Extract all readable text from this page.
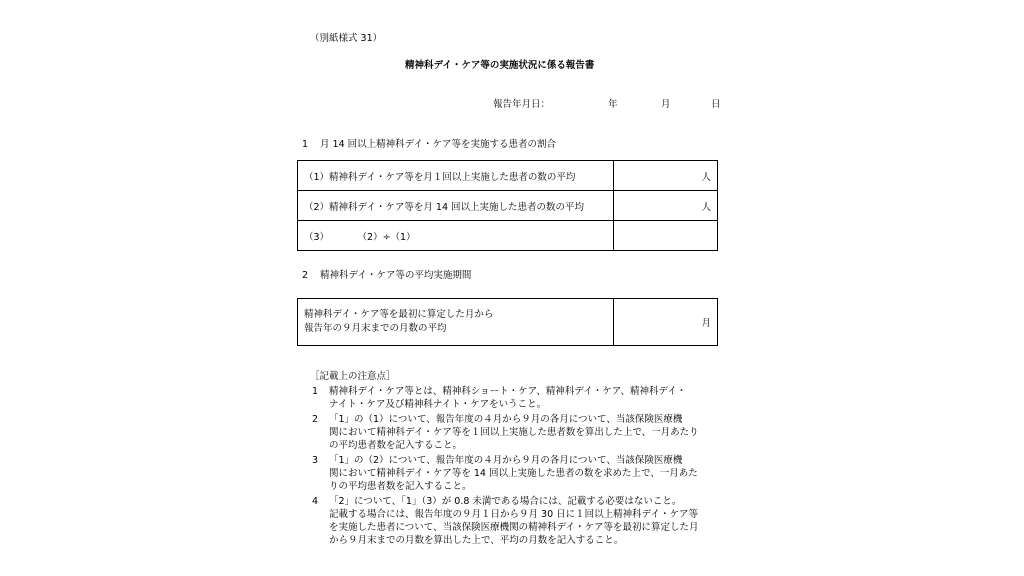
（別紙様式 31）
精神科デイ・ケア等の実施状況に係る報告書
報告年月日：	年	月	日
1 月 14 回以上精神科デイ・ケア等を実施する患者の割合
（1）精神科デイ・ケア等を月１回以上実施した患者の数の平均	人
（2）精神科デイ・ケア等を月 14 回以上実施した患者の数の平均	人
（3）　　　　（2）÷（1）	
2 精神科デイ・ケア等の平均実施期間
精神科デイ・ケア等を最初に算定した月から
報告年の９月末までの月数の平均	月
［記載上の注意点］
1 精神科デイ・ケア等とは、精神科ショート・ケア、精神科デイ・ケア、精神科デイ・
ナイト・ケア及び精神科ナイト・ケアをいうこと。
2 「1」の（1）について、報告年度の４月から９月の各月について、当該保険医療機
関において精神科デイ・ケア等を１回以上実施した患者数を算出した上で、一月あたり
の平均患者数を記入すること。
3 「1」の（2）について、報告年度の４月から９月の各月について、当該保険医療機
関において精神科デイ・ケア等を 14 回以上実施した患者の数を求めた上で、一月あた
りの平均患者数を記入すること。
4 「2」について、「1」（3）が 0.8 未満である場合には、記載する必要はないこと。
記載する場合には、報告年度の９月１日から９月 30 日に１回以上精神科デイ・ケア等
を実施した患者について、当該保険医療機関の精神科デイ・ケア等を最初に算定した月
から９月末までの月数を算出した上で、平均の月数を記入すること。
